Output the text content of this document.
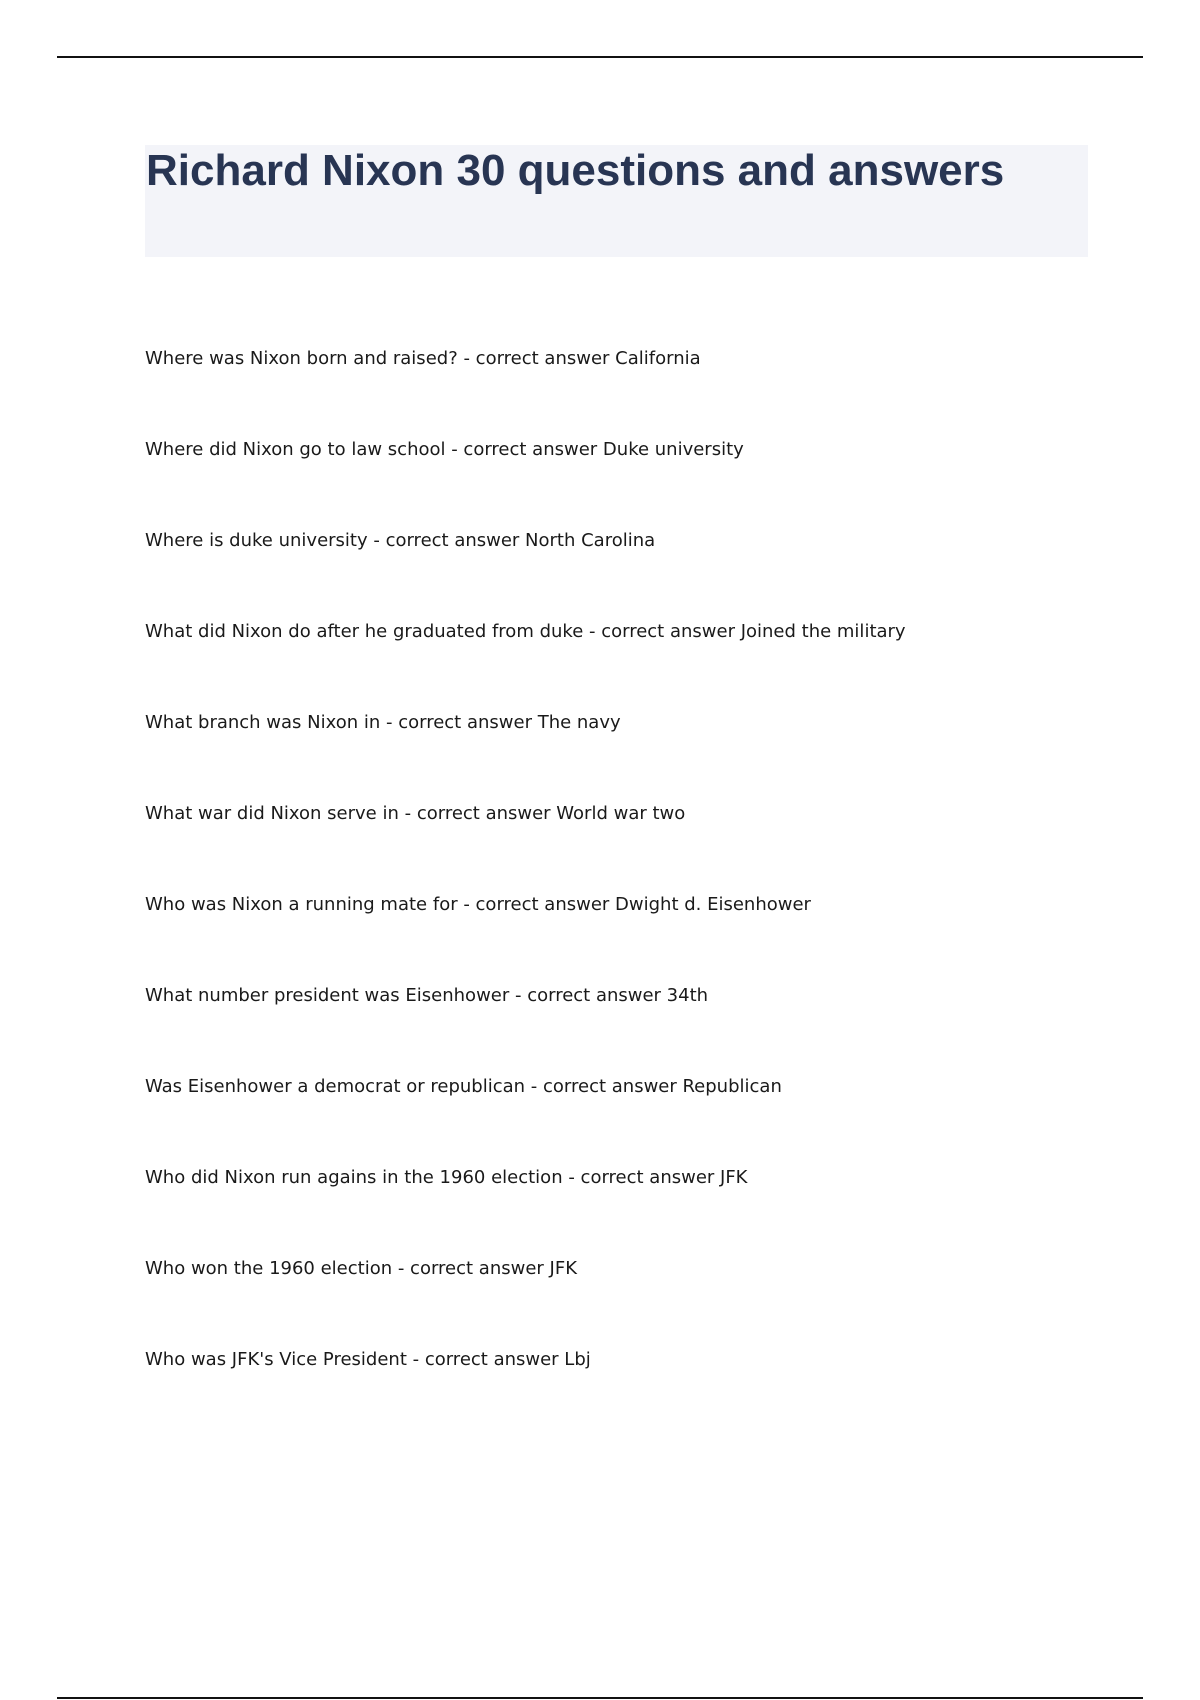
Richard Nixon 30 questions and answers
Where was Nixon born and raised? - correct answer California
Where did Nixon go to law school - correct answer Duke university
Where is duke university - correct answer North Carolina
What did Nixon do after he graduated from duke - correct answer Joined the military
What branch was Nixon in - correct answer The navy
What war did Nixon serve in - correct answer World war two
Who was Nixon a running mate for - correct answer Dwight d. Eisenhower
What number president was Eisenhower - correct answer 34th
Was Eisenhower a democrat or republican - correct answer Republican
Who did Nixon run agains in the 1960 election - correct answer JFK
Who won the 1960 election - correct answer JFK
Who was JFK's Vice President - correct answer Lbj
